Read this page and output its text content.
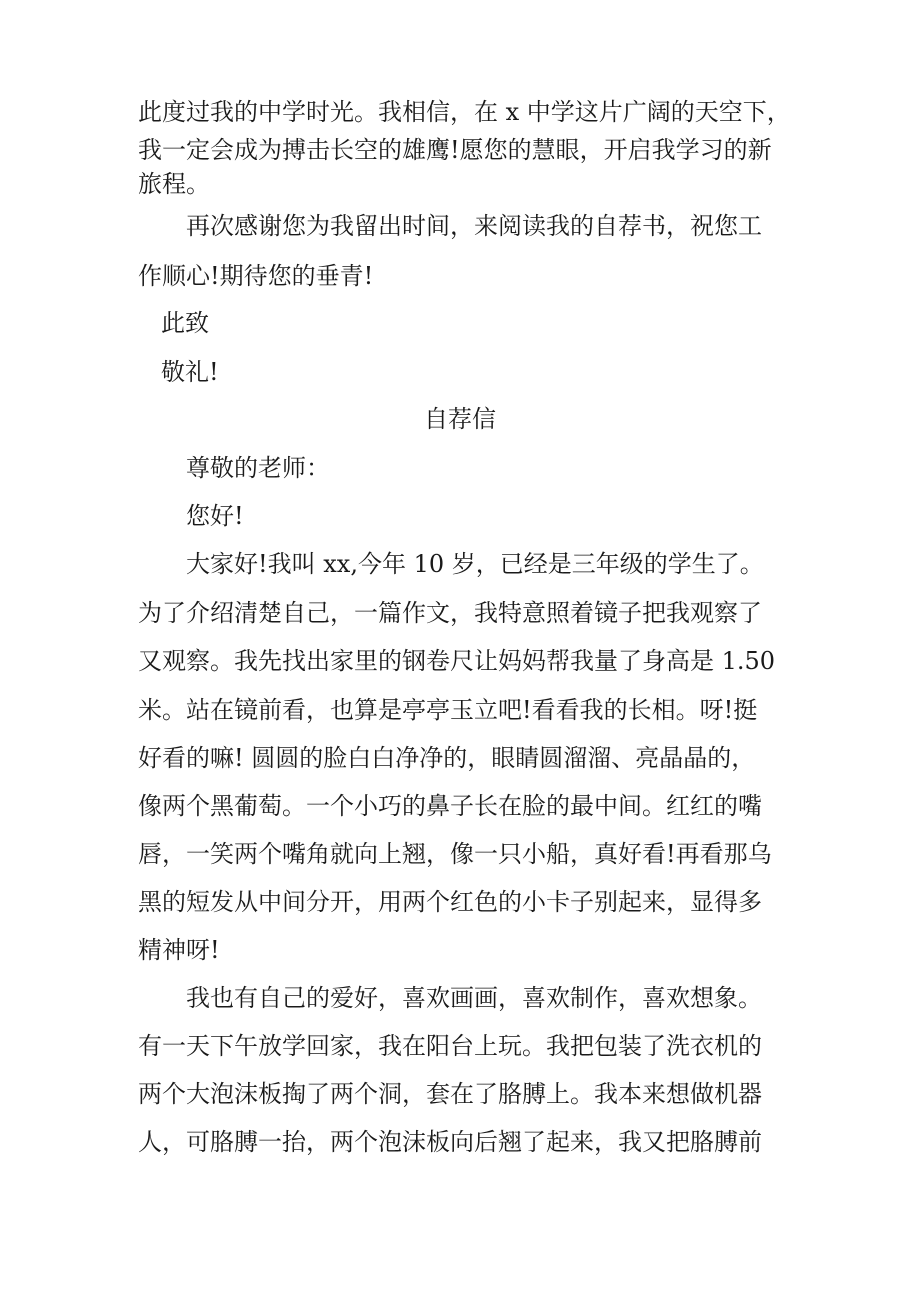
此度过我的中学时光。我相信，在 x 中学这片广阔的天空下，
我一定会成为搏击长空的雄鹰!愿您的慧眼，开启我学习的新
旅程。
再次感谢您为我留出时间，来阅读我的自荐书，祝您工
作顺心!期待您的垂青!
此致
敬礼!
自荐信
尊敬的老师：
您好!
大家好!我叫 xx,今年 10 岁，已经是三年级的学生了。
为了介绍清楚自己，一篇作文，我特意照着镜子把我观察了
又观察。我先找出家里的钢卷尺让妈妈帮我量了身高是 1.50
米。站在镜前看，也算是亭亭玉立吧!看看我的长相。呀!挺
好看的嘛! 圆圆的脸白白净净的，眼睛圆溜溜、亮晶晶的，
像两个黑葡萄。一个小巧的鼻子长在脸的最中间。红红的嘴
唇，一笑两个嘴角就向上翘，像一只小船，真好看!再看那乌
黑的短发从中间分开，用两个红色的小卡子别起来，显得多
精神呀!
我也有自己的爱好，喜欢画画，喜欢制作，喜欢想象。
有一天下午放学回家，我在阳台上玩。我把包装了洗衣机的
两个大泡沫板掏了两个洞，套在了胳膊上。我本来想做机器
人，可胳膊一抬，两个泡沫板向后翘了起来，我又把胳膊前
